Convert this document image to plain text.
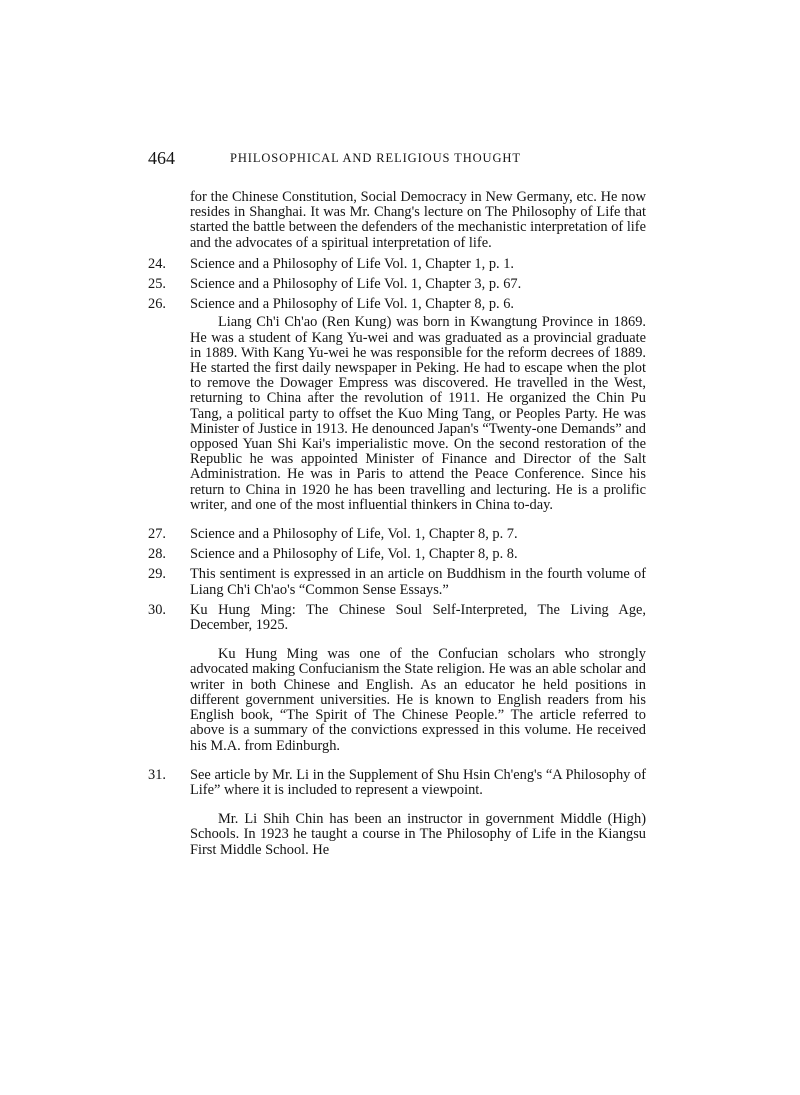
464	PHILOSOPHICAL AND RELIGIOUS THOUGHT
for the Chinese Constitution, Social Democracy in New Germany, etc. He now resides in Shanghai. It was Mr. Chang's lecture on The Philosophy of Life that started the battle between the defenders of the mechanistic interpretation of life and the advocates of a spiritual interpretation of life.
24.	Science and a Philosophy of Life Vol. 1, Chapter 1, p. 1.
25.	Science and a Philosophy of Life Vol. 1, Chapter 3, p. 67.
26.	Science and a Philosophy of Life Vol. 1, Chapter 8, p. 6.
Liang Ch'i Ch'ao (Ren Kung) was born in Kwangtung Province in 1869. He was a student of Kang Yu-wei and was graduated as a provincial graduate in 1889. With Kang Yu-wei he was responsible for the reform decrees of 1889. He started the first daily newspaper in Peking. He had to escape when the plot to remove the Dowager Empress was discovered. He travelled in the West, returning to China after the revolution of 1911. He organized the Chin Pu Tang, a political party to offset the Kuo Ming Tang, or Peoples Party. He was Minister of Justice in 1913. He denounced Japan's “Twenty-one Demands” and opposed Yuan Shi Kai's imperialistic move. On the second restoration of the Republic he was appointed Minister of Finance and Director of the Salt Administration. He was in Paris to attend the Peace Conference. Since his return to China in 1920 he has been travelling and lecturing. He is a prolific writer, and one of the most influential thinkers in China to-day.
27.	Science and a Philosophy of Life, Vol. 1, Chapter 8, p. 7.
28.	Science and a Philosophy of Life, Vol. 1, Chapter 8, p. 8.
29.	This sentiment is expressed in an article on Buddhism in the fourth volume of Liang Ch'i Ch'ao's “Common Sense Essays.”
30.	Ku Hung Ming: The Chinese Soul Self-Interpreted, The Living Age, December, 1925.
Ku Hung Ming was one of the Confucian scholars who strongly advocated making Confucianism the State religion. He was an able scholar and writer in both Chinese and English. As an educator he held positions in different government universities. He is known to English readers from his English book, “The Spirit of The Chinese People.” The article referred to above is a summary of the convictions expressed in this volume. He received his M.A. from Edinburgh.
31.	See article by Mr. Li in the Supplement of Shu Hsin Ch'eng's “A Philosophy of Life” where it is included to represent a viewpoint.
Mr. Li Shih Chin has been an instructor in government Middle (High) Schools. In 1923 he taught a course in The Philosophy of Life in the Kiangsu First Middle School. He
